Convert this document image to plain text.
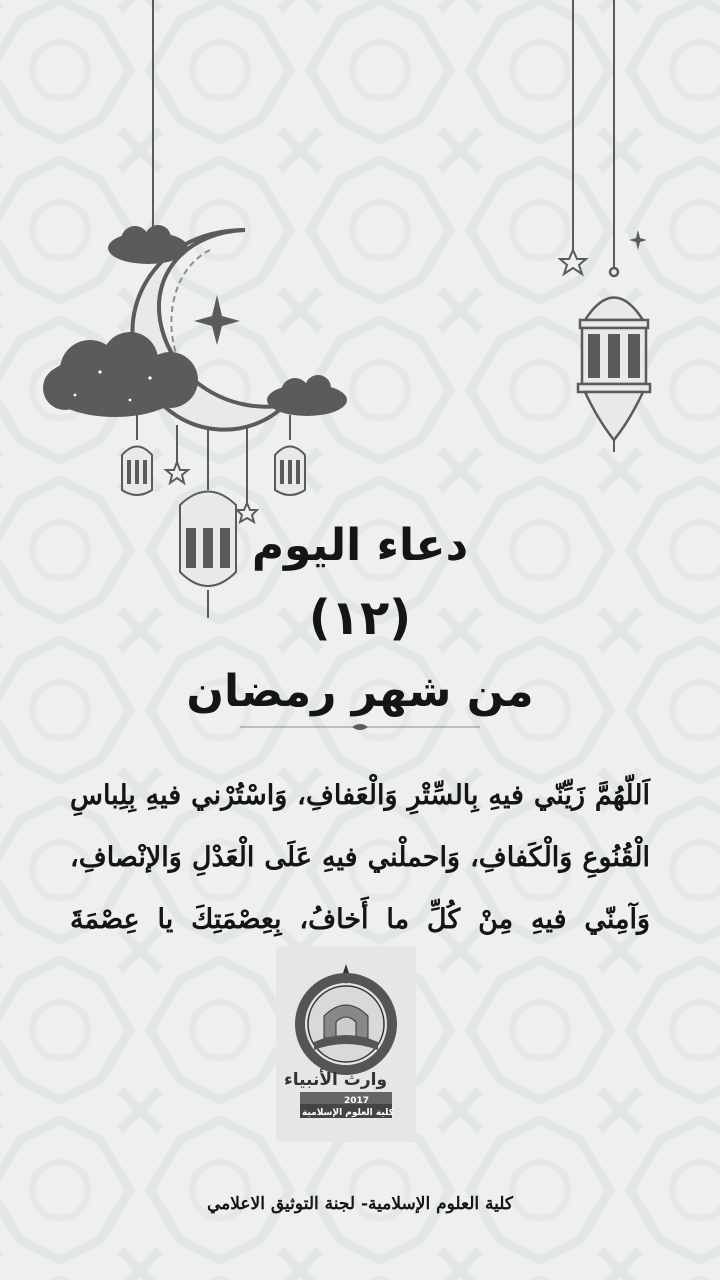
دعاء اليوم
(١٢)
من شهر رمضان
اَللّهُمَّ زَيِّنّي فيهِ بِالسِّتْرِ وَالْعَفافِ، وَاسْتُرْني فيهِ بِلِباسِ الْقُنُوعِ وَالْكَفافِ، وَاحملْني فيهِ عَلَى الْعَدْلِ وَالإنْصافِ، وَآمِنّي فيهِ مِنْ كُلِّ ما أَخافُ، بِعِصْمَتِكَ يا عِصْمَةَ
وارث الأنبياء
2017
كلية العلوم الإسلامية
كلية العلوم الإسلامية- لجنة التوثيق الاعلامي
